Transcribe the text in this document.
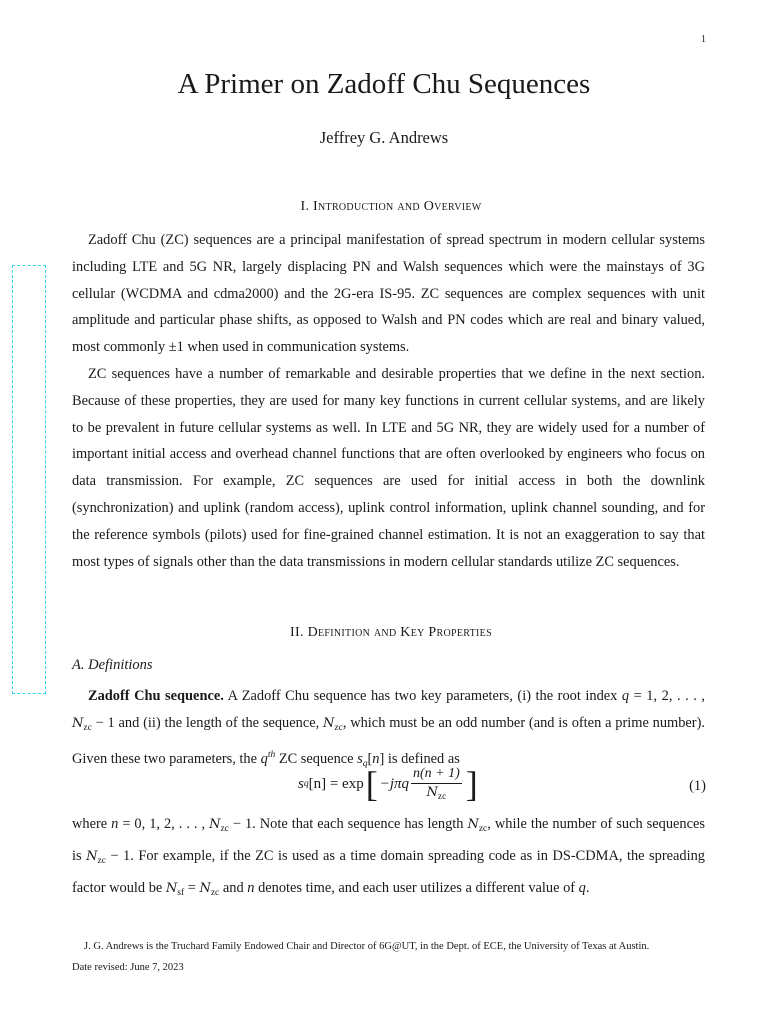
1
A Primer on Zadoff Chu Sequences
Jeffrey G. Andrews
I. Introduction and Overview

Zadoff Chu (ZC) sequences are a principal manifestation of spread spectrum in modern cellular systems including LTE and 5G NR, largely displacing PN and Walsh sequences which were the mainstays of 3G cellular (WCDMA and cdma2000) and the 2G-era IS-95. ZC sequences are complex sequences with unit amplitude and particular phase shifts, as opposed to Walsh and PN codes which are real and binary valued, most commonly ±1 when used in communication systems.

ZC sequences have a number of remarkable and desirable properties that we define in the next section. Because of these properties, they are used for many key functions in current cellular systems, and are likely to be prevalent in future cellular systems as well. In LTE and 5G NR, they are widely used for a number of important initial access and overhead channel functions that are often overlooked by engineers who focus on data transmission. For example, ZC sequences are used for initial access in both the downlink (synchronization) and uplink (random access), uplink control information, uplink channel sounding, and for the reference symbols (pilots) used for fine-grained channel estimation. It is not an exaggeration to say that most types of signals other than the data transmissions in modern cellular standards utilize ZC sequences.

II. Definition and Key Properties
A. Definitions

Zadoff Chu sequence. A Zadoff Chu sequence has two key parameters, (i) the root index q = 1, 2, . . . , $N_{zc} - 1$ and (ii) the length of the sequence, $N_{zc}$, which must be an odd number (and is often a prime number). Given these two parameters, the $q^{th}$ ZC sequence $s_q[n]$ is defined as

s q [n] = exp [ $-j\pi q \frac{n(n + 1)}{N_{zc}}$ ]	(1)

where n = 0, 1, 2, . . . , $N_{zc} - 1$. Note that each sequence has length $N_{zc}$, while the number of such sequences is $N_{zc} - 1$. For example, if the ZC is used as a time domain spreading code as in DS-CDMA, the spreading factor would be $N_{sf} = N_{zc}$ and n denotes time, and each user utilizes a different value of q.

J. G. Andrews is the Truchard Family Endowed Chair and Director of 6G@UT, in the Dept. of ECE, the University of Texas at Austin.
Date revised: June 7, 2023
